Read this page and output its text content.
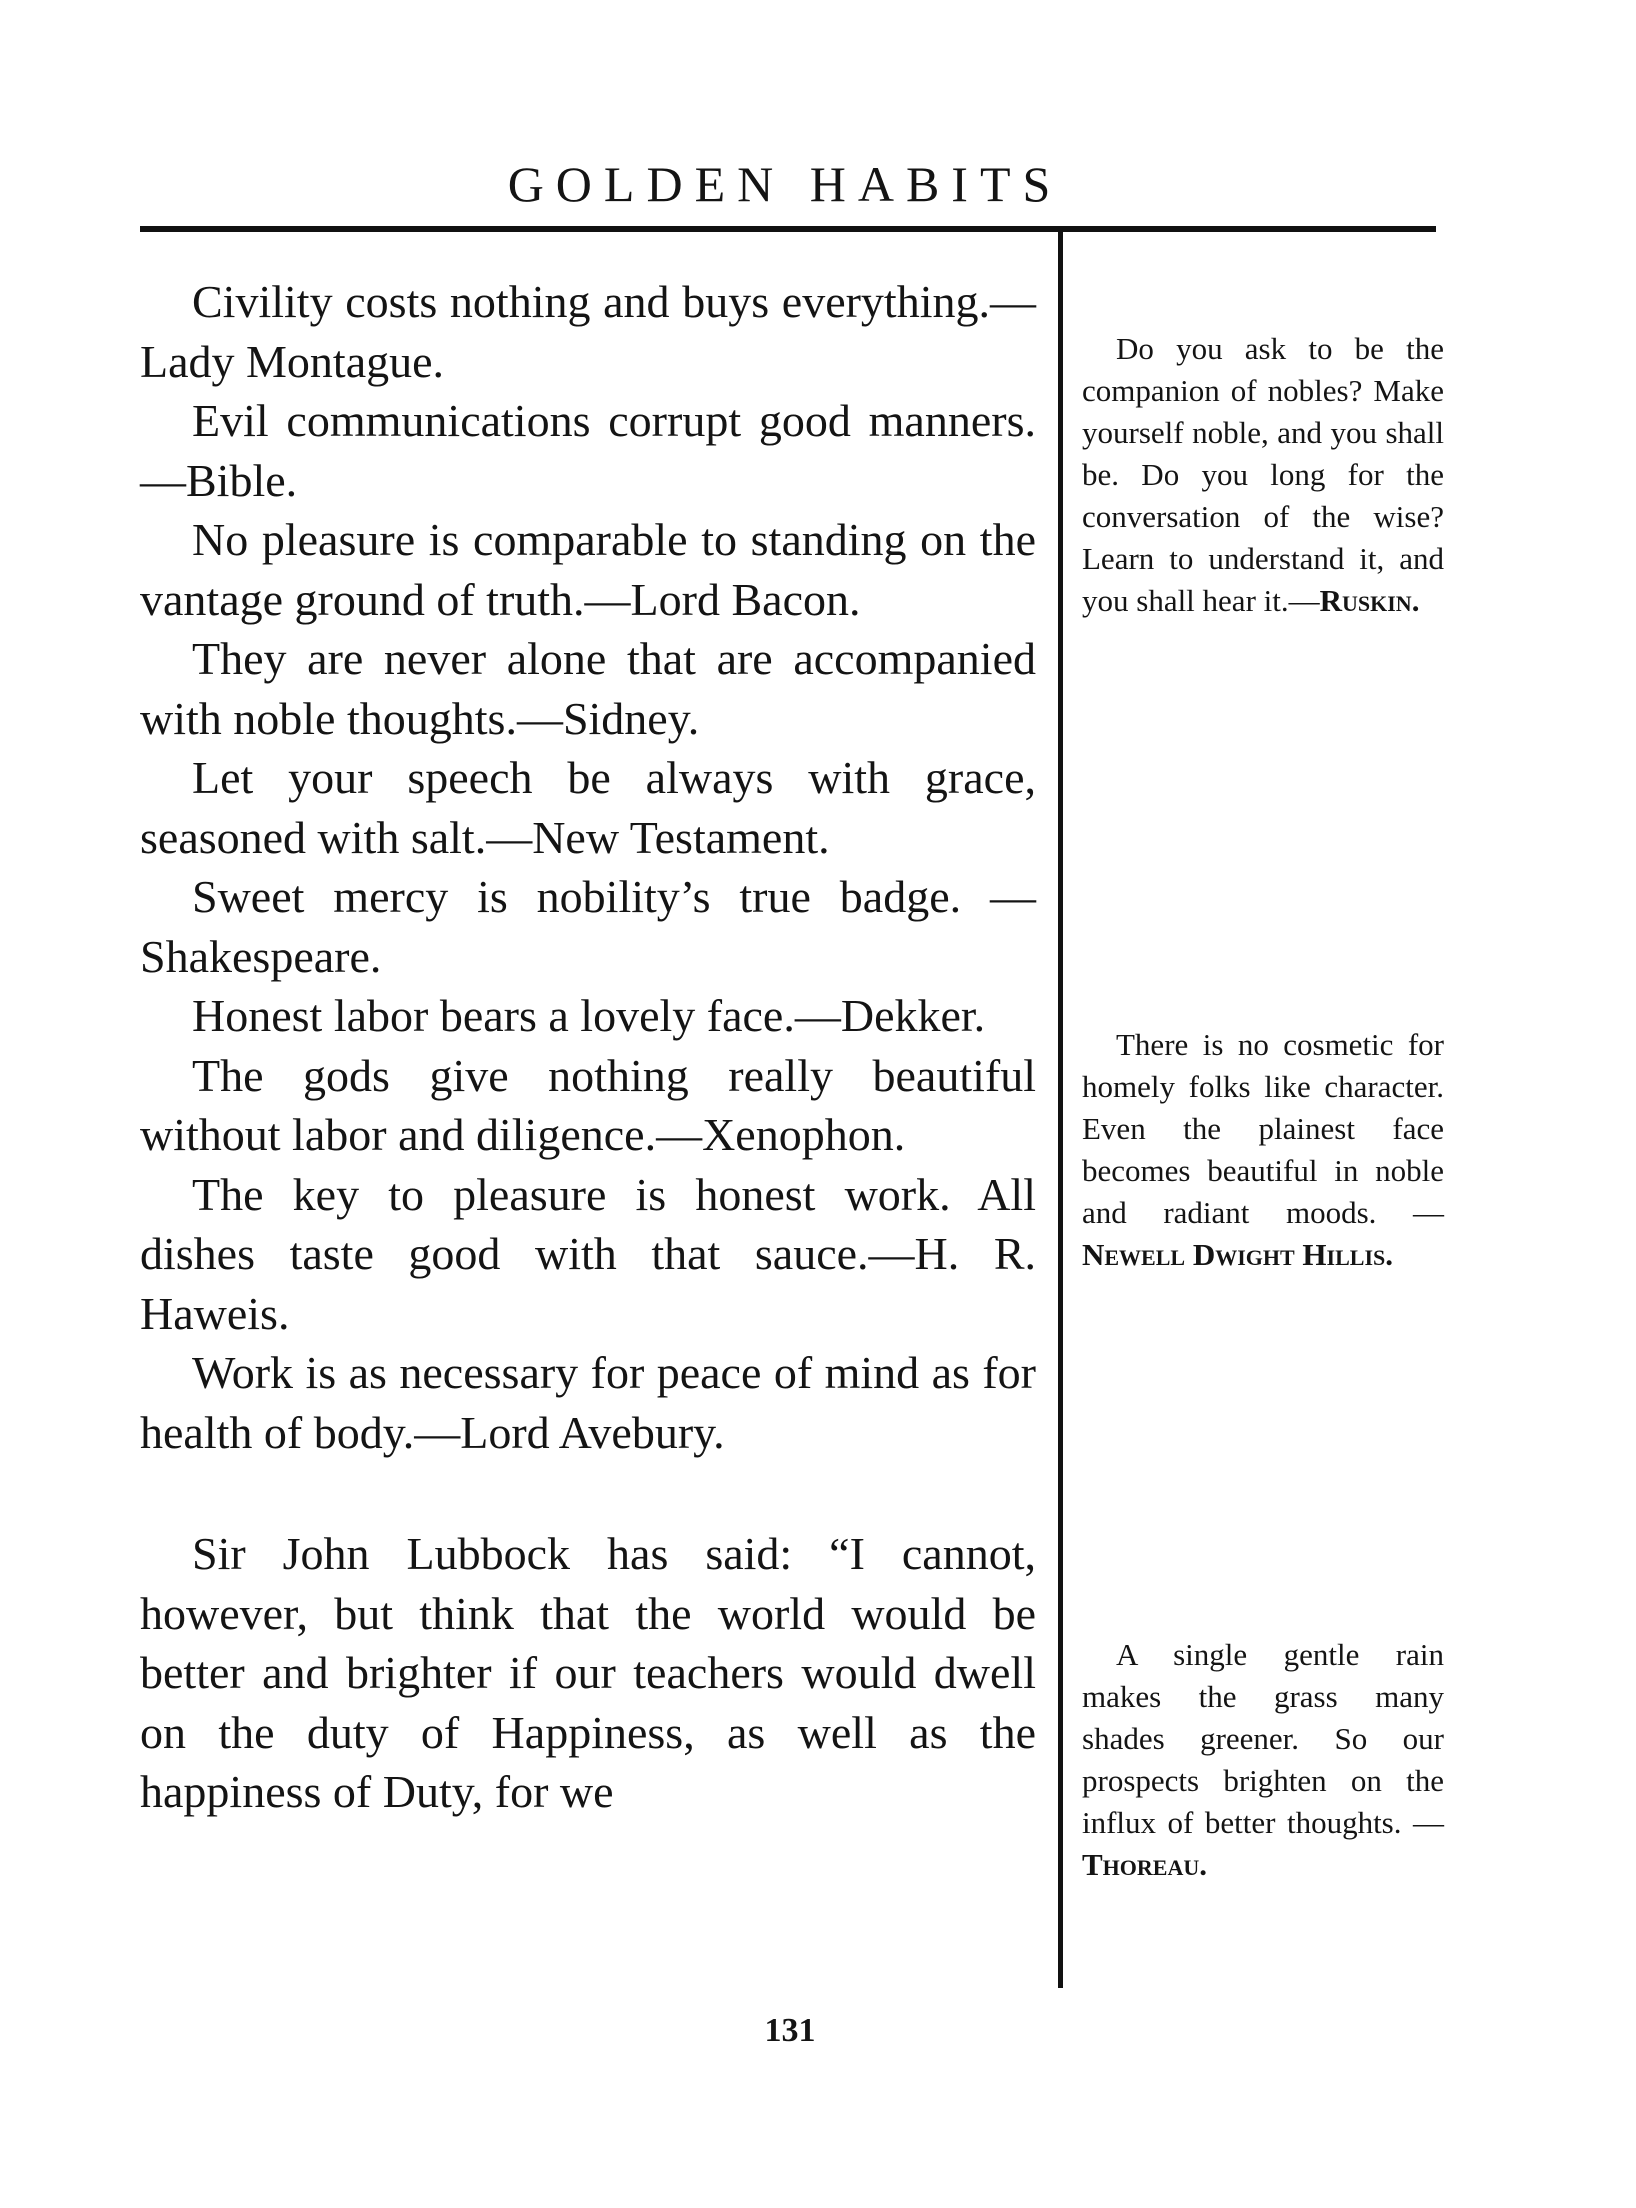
GOLDEN HABITS

Civility costs nothing and buys everything.—Lady Montague.

Evil communications corrupt good manners.—Bible.

No pleasure is comparable to standing on the vantage ground of truth.—Lord Bacon.

They are never alone that are accompanied with noble thoughts.—Sidney.

Let your speech be always with grace, seasoned with salt.—New Testament.

Sweet mercy is nobility’s true badge. —Shakespeare.

Honest labor bears a lovely face.—Dekker.

The gods give nothing really beautiful without labor and diligence.—Xenophon.

The key to pleasure is honest work. All dishes taste good with that sauce.—H. R. Haweis.

Work is as necessary for peace of mind as for health of body.—Lord Avebury.

Sir John Lubbock has said: “I cannot, however, but think that the world would be better and brighter if our teachers would dwell on the duty of Happiness, as well as the happiness of Duty, for we

Do you ask to be the companion of nobles? Make yourself noble, and you shall be. Do you long for the conversation of the wise? Learn to understand it, and you shall hear it.—Ruskin.

There is no cosmetic for homely folks like character. Even the plainest face becomes beautiful in noble and radiant moods. — Newell Dwight Hillis.

A single gentle rain makes the grass many shades greener. So our prospects brighten on the influx of better thoughts. — Thoreau.

131
